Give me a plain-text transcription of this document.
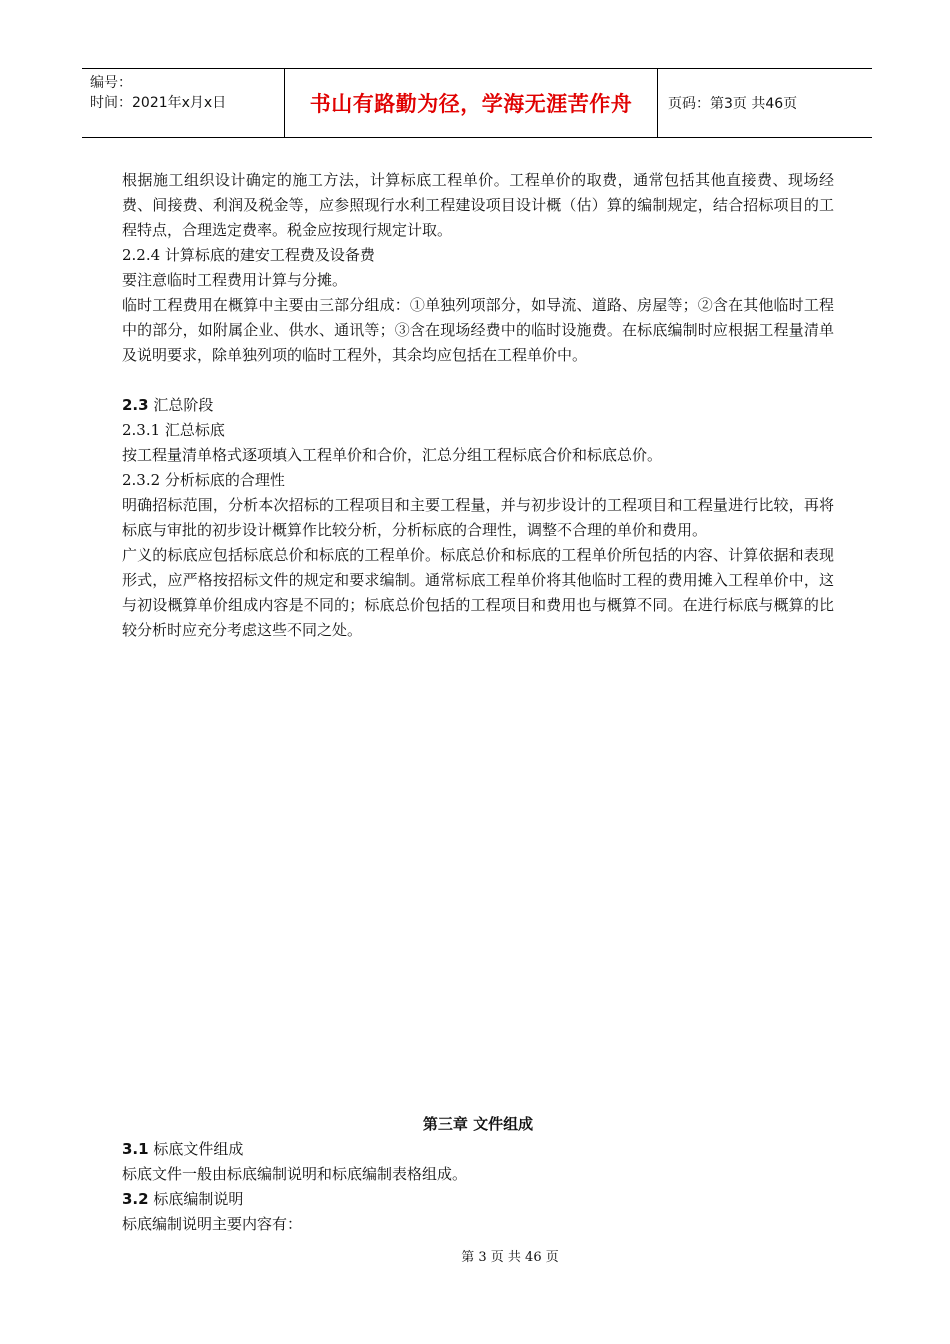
编号：
时间：2021年x月x日	书山有路勤为径，学海无涯苦作舟	页码：第3页 共46页

根据施工组织设计确定的施工方法，计算标底工程单价。工程单价的取费，通常包括其他直接费、现场经费、间接费、利润及税金等，应参照现行水利工程建设项目设计概（估）算的编制规定，结合招标项目的工程特点，合理选定费率。税金应按现行规定计取。

2.2.4 计算标底的建安工程费及设备费

要注意临时工程费用计算与分摊。

临时工程费用在概算中主要由三部分组成：①单独列项部分，如导流、道路、房屋等；②含在其他临时工程中的部分，如附属企业、供水、通讯等；③含在现场经费中的临时设施费。在标底编制时应根据工程量清单及说明要求，除单独列项的临时工程外，其余均应包括在工程单价中。

2.3 汇总阶段

2.3.1 汇总标底

按工程量清单格式逐项填入工程单价和合价，汇总分组工程标底合价和标底总价。

2.3.2 分析标底的合理性

明确招标范围，分析本次招标的工程项目和主要工程量，并与初步设计的工程项目和工程量进行比较，再将标底与审批的初步设计概算作比较分析，分析标底的合理性，调整不合理的单价和费用。

广义的标底应包括标底总价和标底的工程单价。标底总价和标底的工程单价所包括的内容、计算依据和表现形式，应严格按招标文件的规定和要求编制。通常标底工程单价将其他临时工程的费用摊入工程单价中，这与初设概算单价组成内容是不同的；标底总价包括的工程项目和费用也与概算不同。在进行标底与概算的比较分析时应充分考虑这些不同之处。

第三章 文件组成

3.1 标底文件组成

标底文件一般由标底编制说明和标底编制表格组成。

3.2 标底编制说明

标底编制说明主要内容有：

第 3 页 共 46 页
